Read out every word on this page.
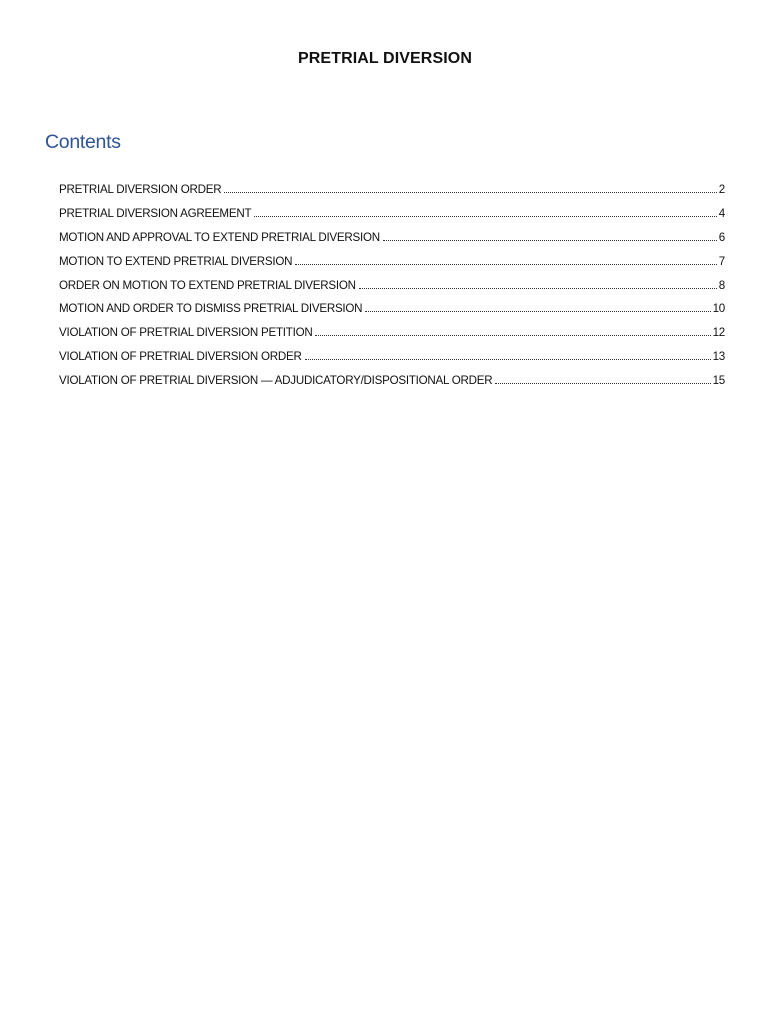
PRETRIAL DIVERSION
Contents
PRETRIAL DIVERSION ORDER	2
PRETRIAL DIVERSION AGREEMENT	4
MOTION AND APPROVAL TO EXTEND PRETRIAL DIVERSION	6
MOTION TO EXTEND PRETRIAL DIVERSION	7
ORDER ON MOTION TO EXTEND PRETRIAL DIVERSION	8
MOTION AND ORDER TO DISMISS PRETRIAL DIVERSION	10
VIOLATION OF PRETRIAL DIVERSION PETITION	12
VIOLATION OF PRETRIAL DIVERSION ORDER	13
VIOLATION OF PRETRIAL DIVERSION — ADJUDICATORY/DISPOSITIONAL ORDER	15
